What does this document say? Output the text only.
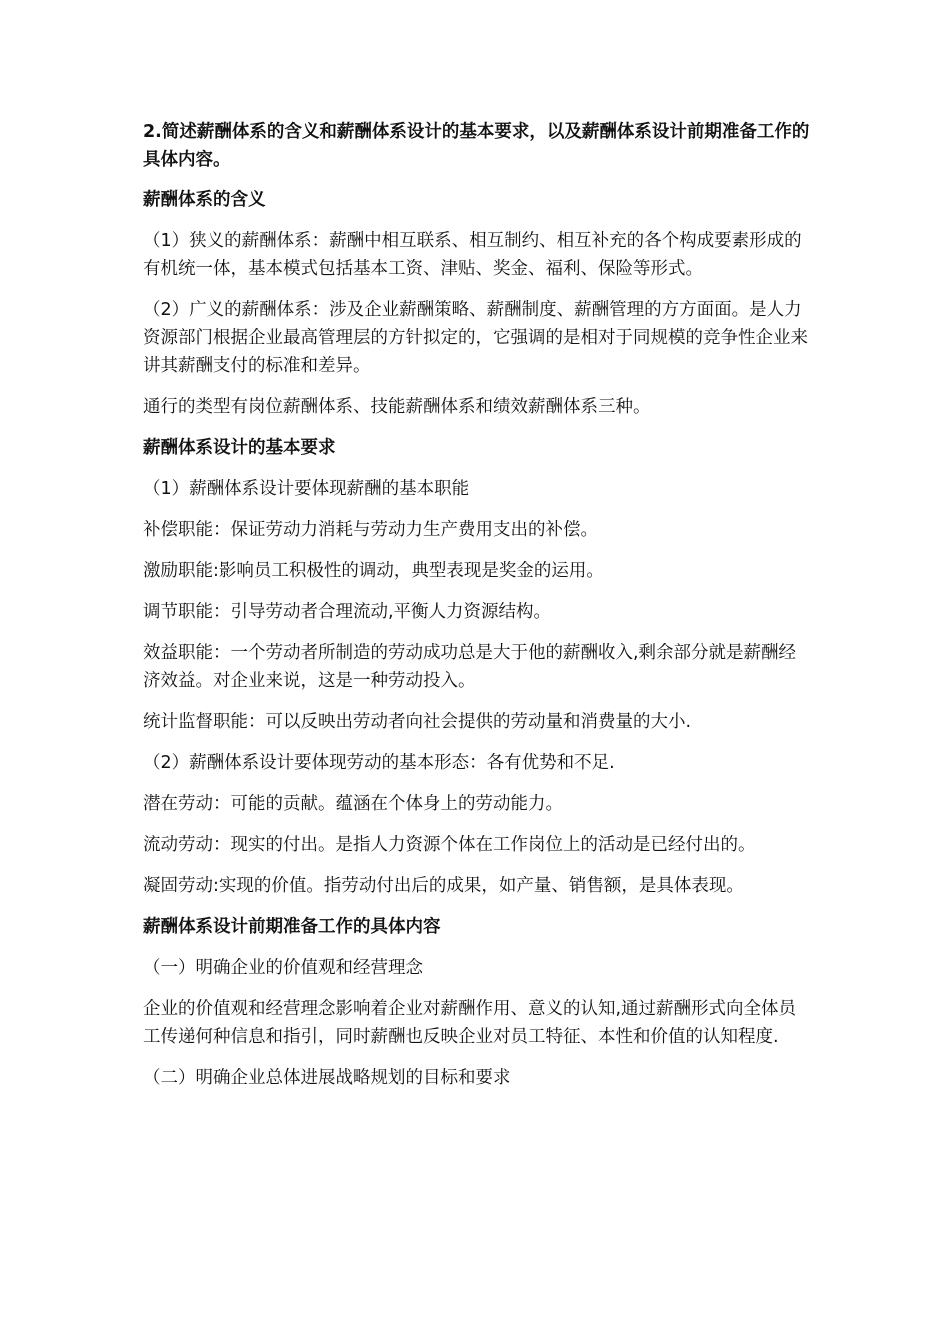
2.简述薪酬体系的含义和薪酬体系设计的基本要求，以及薪酬体系设计前期准备工作的具体内容。

薪酬体系的含义

（1）狭义的薪酬体系：薪酬中相互联系、相互制约、相互补充的各个构成要素形成的有机统一体，基本模式包括基本工资、津贴、奖金、福利、保险等形式。

（2）广义的薪酬体系：涉及企业薪酬策略、薪酬制度、薪酬管理的方方面面。是人力资源部门根据企业最高管理层的方针拟定的，它强调的是相对于同规模的竞争性企业来讲其薪酬支付的标准和差异。

通行的类型有岗位薪酬体系、技能薪酬体系和绩效薪酬体系三种。

薪酬体系设计的基本要求

（1）薪酬体系设计要体现薪酬的基本职能

补偿职能：保证劳动力消耗与劳动力生产费用支出的补偿。

激励职能:影响员工积极性的调动，典型表现是奖金的运用。

调节职能：引导劳动者合理流动,平衡人力资源结构。

效益职能：一个劳动者所制造的劳动成功总是大于他的薪酬收入,剩余部分就是薪酬经济效益。对企业来说，这是一种劳动投入。

统计监督职能：可以反映出劳动者向社会提供的劳动量和消费量的大小.

（2）薪酬体系设计要体现劳动的基本形态：各有优势和不足.

潜在劳动：可能的贡献。蕴涵在个体身上的劳动能力。

流动劳动：现实的付出。是指人力资源个体在工作岗位上的活动是已经付出的。

凝固劳动:实现的价值。指劳动付出后的成果，如产量、销售额，是具体表现。

薪酬体系设计前期准备工作的具体内容

（一）明确企业的价值观和经营理念

企业的价值观和经营理念影响着企业对薪酬作用、意义的认知,通过薪酬形式向全体员工传递何种信息和指引，同时薪酬也反映企业对员工特征、本性和价值的认知程度.

（二）明确企业总体进展战略规划的目标和要求
